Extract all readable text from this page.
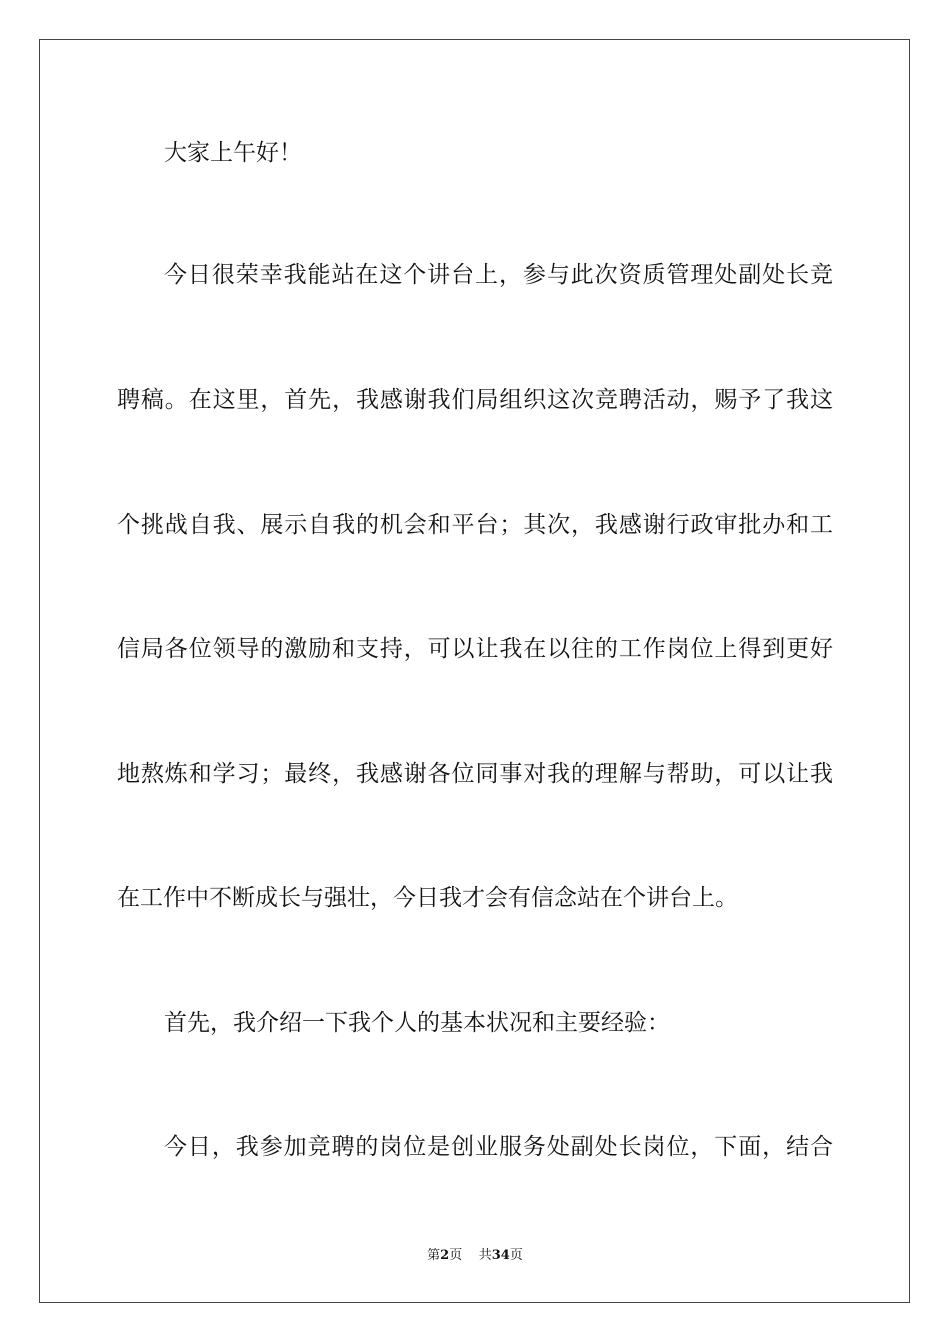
大家上午好！
今日很荣幸我能站在这个讲台上，参与此次资质管理处副处长竞
聘稿。在这里，首先，我感谢我们局组织这次竞聘活动，赐予了我这
个挑战自我、展示自我的机会和平台；其次，我感谢行政审批办和工
信局各位领导的激励和支持，可以让我在以往的工作岗位上得到更好
地熬炼和学习；最终，我感谢各位同事对我的理解与帮助，可以让我
在工作中不断成长与强壮，今日我才会有信念站在个讲台上。
首先，我介绍一下我个人的基本状况和主要经验：
今日，我参加竞聘的岗位是创业服务处副处长岗位，下面，结合
第2页 共34页
